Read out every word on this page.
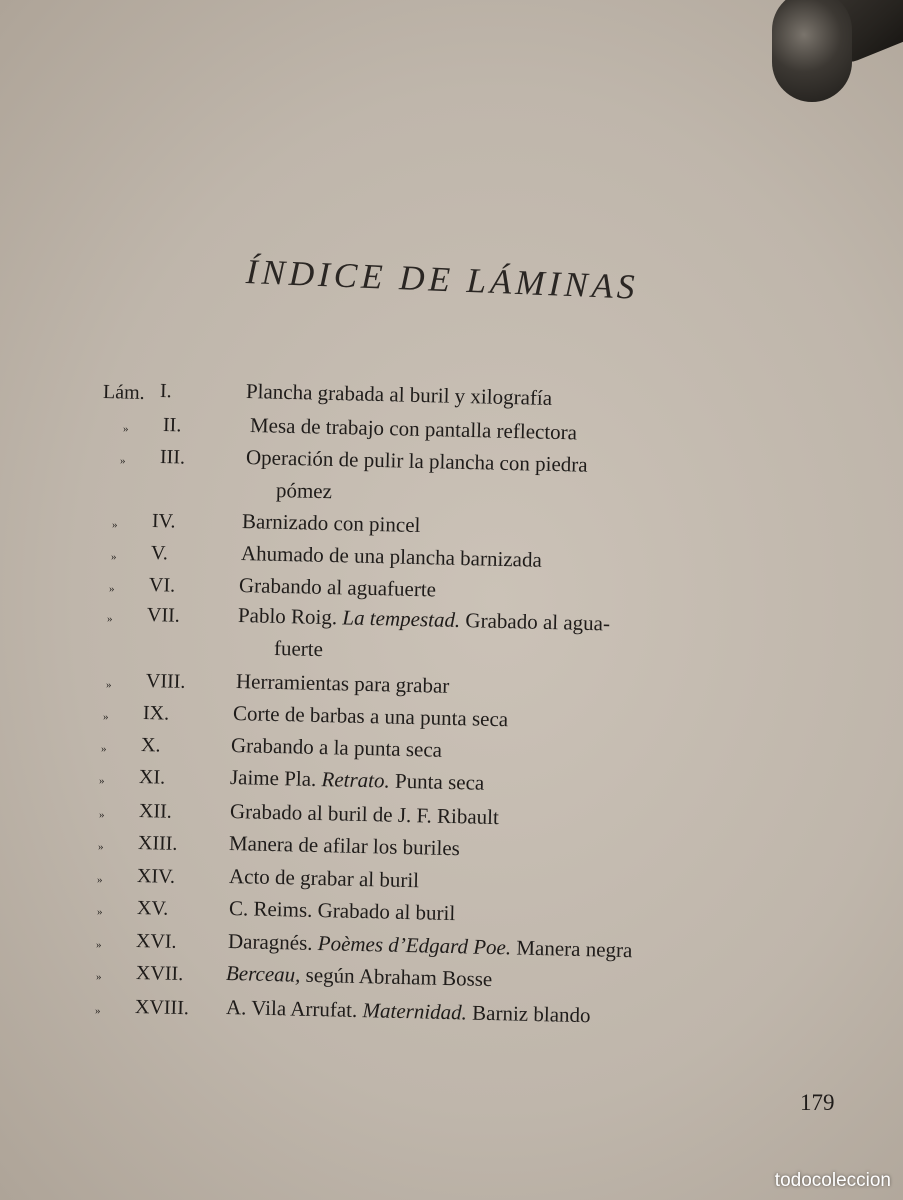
ÍNDICE DE LÁMINAS
Lám. I.	Plancha grabada al buril y xilografía
» II.	Mesa de trabajo con pantalla reflectora
» III.	Operación de pulir la plancha con piedra
pómez
» IV.	Barnizado con pincel
» V.	Ahumado de una plancha barnizada
» VI.	Grabando al aguafuerte
» VII.	Pablo Roig. La tempestad. Grabado al agua-
fuerte
» VIII. Herramientas para grabar
» IX.	Corte de barbas a una punta seca
» X.	Grabando a la punta seca
» XI.	Jaime Pla. Retrato. Punta seca
» XII.	Grabado al buril de J. F. Ribault
» XIII. Manera de afilar los buriles
» XIV.	Acto de grabar al buril
» XV.	C. Reims. Grabado al buril
» XVI. Daragnés. Poèmes d’Edgard Poe. Manera negra
» XVII. Berceau, según Abraham Bosse
» XVIII. A. Vila Arrufat. Maternidad. Barniz blando
179
todocoleccion
